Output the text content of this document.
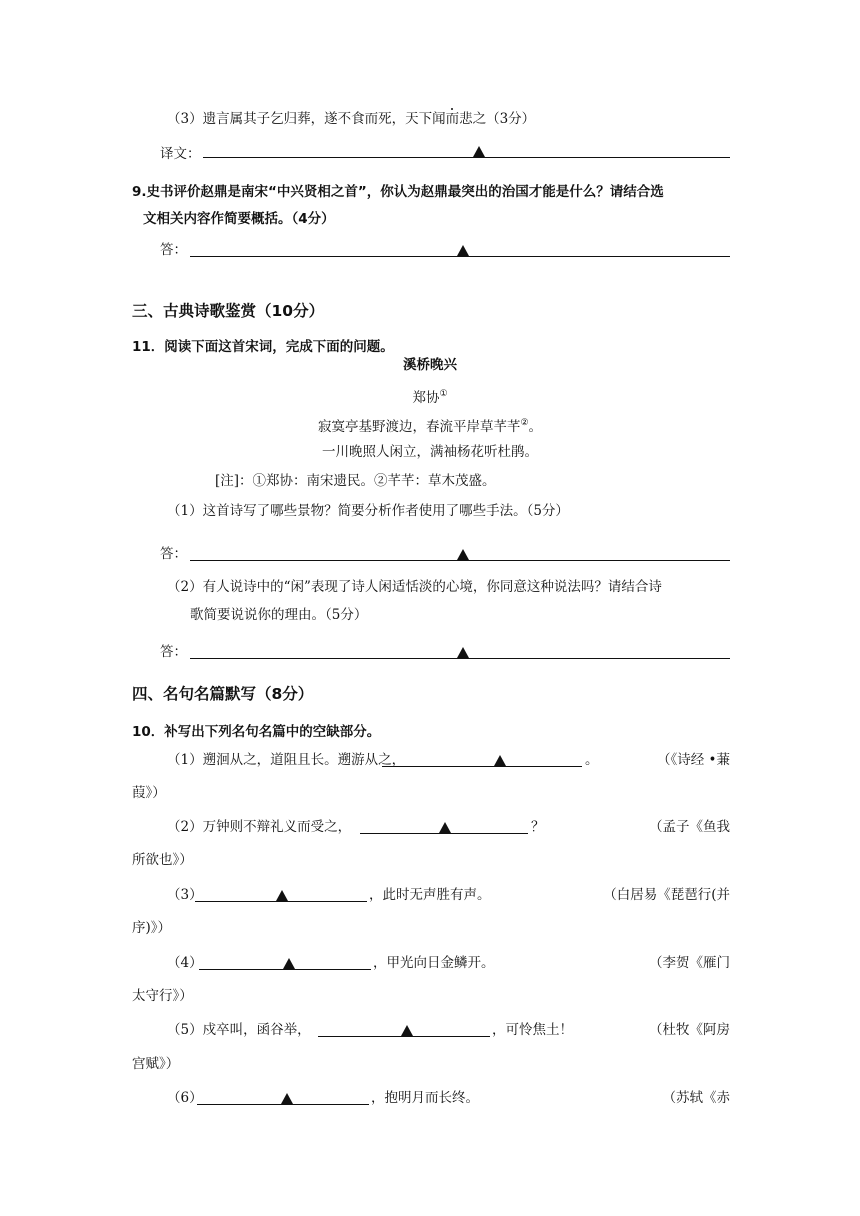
（3）遗言属其子乞归葬，遂不食而死，天下闻而悲之（3分）
译文：
9.史书评价赵鼎是南宋“中兴贤相之首”，你认为赵鼎最突出的治国才能是什么？请结合选
文相关内容作简要概括。（4分）
答：
三、古典诗歌鉴赏（10分）
11．阅读下面这首宋词，完成下面的问题。
溪桥晚兴
郑协①
寂寞亭基野渡边，春流平岸草芊芊②。
一川晚照人闲立，满袖杨花听杜鹃。
[注]：①郑协：南宋遗民。②芊芊：草木茂盛。
（1）这首诗写了哪些景物？简要分析作者使用了哪些手法。（5分）
答：
（2）有人说诗中的“闲”表现了诗人闲适恬淡的心境，你同意这种说法吗？请结合诗
歌简要说说你的理由。（5分）
答：
四、名句名篇默写（8分）
10．补写出下列名句名篇中的空缺部分。
（1）遡洄从之，道阻且长。遡游从之，	。	（《诗经 •蒹
葭》）
（2）万钟则不辩礼义而受之，	？	（孟子《鱼我
所欲也》）
（3）	，此时无声胜有声。	（白居易《琵琶行(并
序)》）
（4）	，甲光向日金鳞开。	（李贺《雁门
太守行》）
（5）戍卒叫，函谷举，	，可怜焦土！	（杜牧《阿房
宫赋》）
（6）	，抱明月而长终。	（苏轼《赤
